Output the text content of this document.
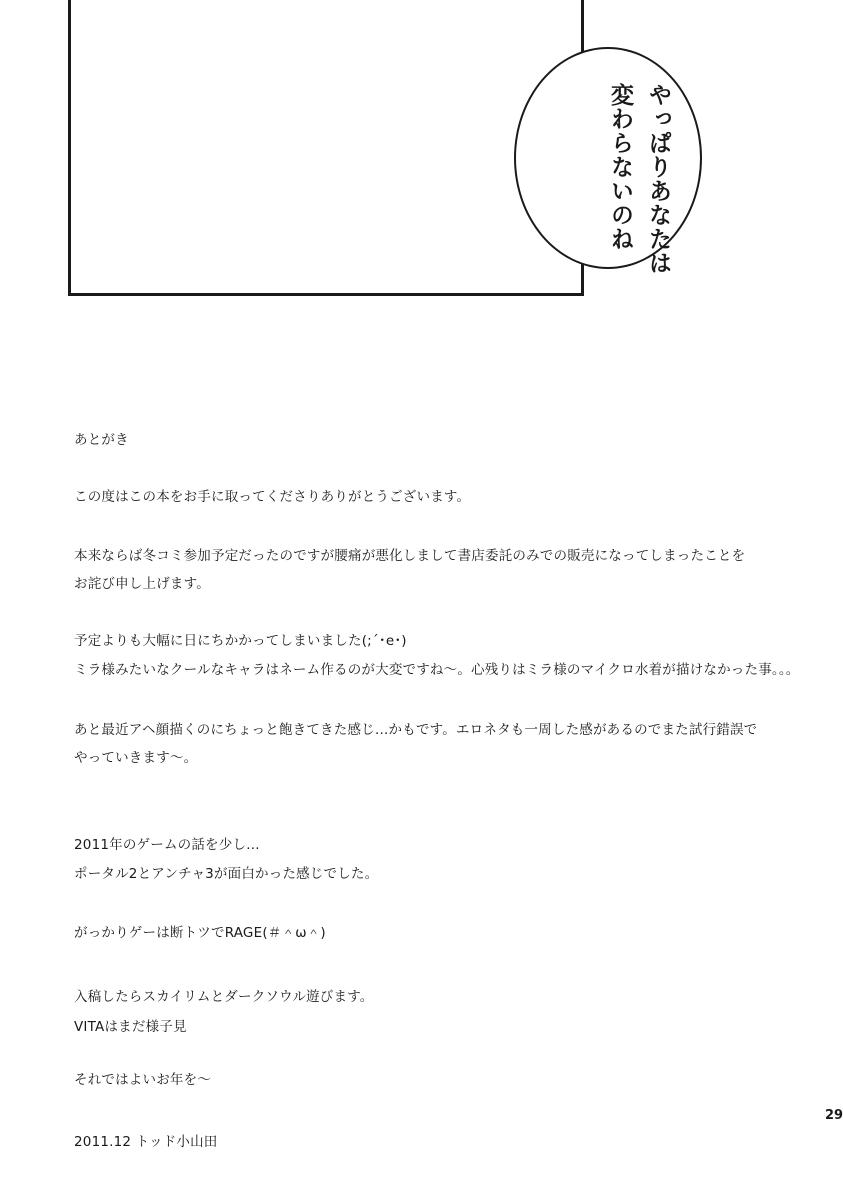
やっぱりあなたは
変わらないのね
あとがき
この度はこの本をお手に取ってくださりありがとうございます。
本来ならば冬コミ参加予定だったのですが腰痛が悪化しまして書店委託のみでの販売になってしまったことを
お詫び申し上げます。
予定よりも大幅に日にちかかってしまいました(;´･e･)
ミラ様みたいなクールなキャラはネーム作るのが大変ですね～。心残りはミラ様のマイクロ水着が描けなかった事。。。
あと最近アヘ顔描くのにちょっと飽きてきた感じ…かもです。エロネタも一周した感があるのでまた試行錯誤で
やっていきます～。
2011年のゲームの話を少し…
ポータル2とアンチャ3が面白かった感じでした。
がっかりゲーは断トツでRAGE(＃＾ω＾)
入稿したらスカイリムとダークソウル遊びます。
VITAはまだ様子見
それではよいお年を～
2011.12 トッド小山田
29
